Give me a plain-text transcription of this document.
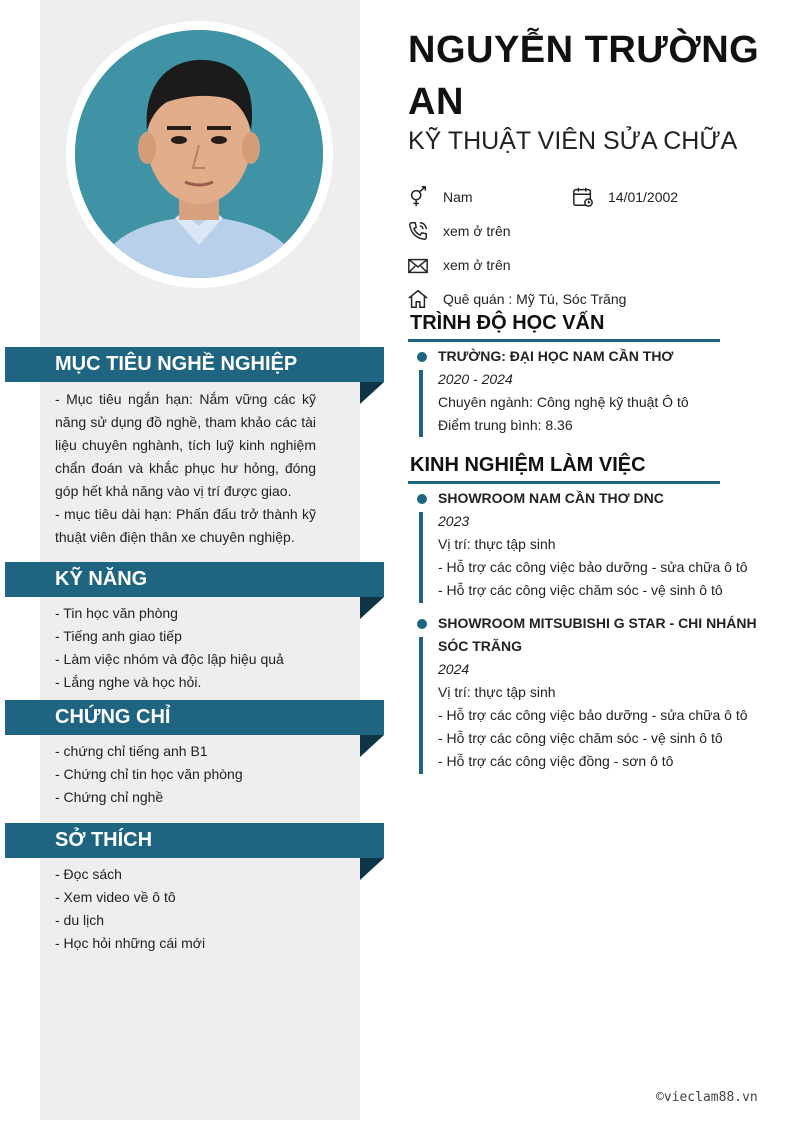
MỤC TIÊU NGHỀ NGHIỆP
- Mục tiêu ngắn hạn: Nắm vững các kỹ năng sử dụng đồ nghề, tham khảo các tài liệu chuyên nghành, tích luỹ kinh nghiệm chẩn đoán và khắc phục hư hỏng, đóng góp hết khả năng vào vị trí được giao.
- mục tiêu dài hạn: Phấn đấu trở thành kỹ thuật viên điện thân xe chuyên nghiệp.
KỸ NĂNG
- Tin học văn phòng
- Tiếng anh giao tiếp
- Làm việc nhóm và độc lập hiệu quả
- Lắng nghe và học hỏi.
CHỨNG CHỈ
- chứng chỉ tiếng anh B1
- Chứng chỉ tin học văn phòng
- Chứng chỉ nghề
SỞ THÍCH
- Đọc sách
- Xem video về ô tô
- du lịch
- Học hỏi những cái mới
NGUYỄN TRƯỜNG AN
KỸ THUẬT VIÊN SỬA CHỮA
Nam	14/01/2002
xem ở trên
xem ở trên
Quê quán : Mỹ Tú, Sóc Trăng
TRÌNH ĐỘ HỌC VẤN
TRƯỜNG: ĐẠI HỌC NAM CẦN THƠ
2020 - 2024
Chuyên ngành: Công nghệ kỹ thuật Ô tô
Điểm trung bình: 8.36
KINH NGHIỆM LÀM VIỆC
SHOWROOM NAM CẦN THƠ DNC
2023
Vị trí: thực tập sinh
- Hỗ trợ các công việc bảo dưỡng - sửa chữa ô tô
- Hỗ trợ các công việc chăm sóc - vệ sinh ô tô
SHOWROOM MITSUBISHI G STAR - CHI NHÁNH SÓC TRĂNG
2024
Vị trí: thực tập sinh
- Hỗ trợ các công việc bảo dưỡng - sửa chữa ô tô
- Hỗ trợ các công việc chăm sóc - vệ sinh ô tô
- Hỗ trợ các công việc đồng - sơn ô tô
©vieclam88.vn
